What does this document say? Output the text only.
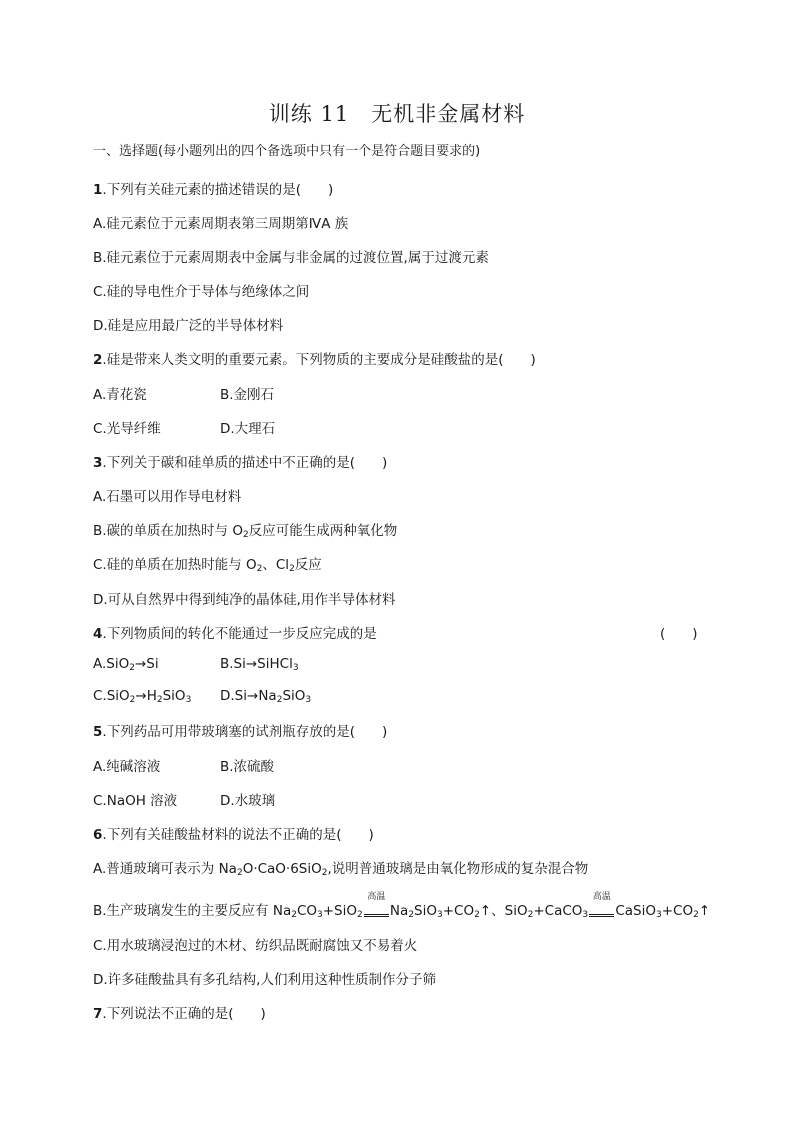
训练 11　无机非金属材料
一、选择题(每小题列出的四个备选项中只有一个是符合题目要求的)
1.下列有关硅元素的描述错误的是(　　)
A.硅元素位于元素周期表第三周期第ⅣA 族
B.硅元素位于元素周期表中金属与非金属的过渡位置,属于过渡元素
C.硅的导电性介于导体与绝缘体之间
D.硅是应用最广泛的半导体材料
2.硅是带来人类文明的重要元素。下列物质的主要成分是硅酸盐的是(　　)
A.青花瓷	B.金刚石
C.光导纤维	D.大理石
3.下列关于碳和硅单质的描述中不正确的是(　　)
A.石墨可以用作导电材料
B.碳的单质在加热时与 $O_2$反应可能生成两种氧化物
C.硅的单质在加热时能与 $O_2$、$Cl_2$反应
D.可从自然界中得到纯净的晶体硅,用作半导体材料
4.下列物质间的转化不能通过一步反应完成的是	(　　)
A.SiO$_2$→Si	B.Si→SiHCl$_3$
$C.SiO_2\to H_2SiO_3$ $D.Si\to Na_2SiO_3$
5.下列药品可用带玻璃塞的试剂瓶存放的是(　　)
A.纯碱溶液	B.浓硫酸
C.NaOH 溶液	D.水玻璃
6.下列有关硅酸盐材料的说法不正确的是(　　)
A.普通玻璃可表示为 $Na_2O\cdot CaO\cdot 6SiO_2$,说明普通玻璃是由氧化物形成的复杂混合物
B.生产玻璃发生的主要反应有 $Na_2CO_3+SiO_2$
高温
$Na_2SiO_3+CO_2↑$、SiO$_2$+CaCO$_3$
高温
$CaSiO_3+CO_2↑$
C.用水玻璃浸泡过的木材、纺织品既耐腐蚀又不易着火
D.许多硅酸盐具有多孔结构,人们利用这种性质制作分子筛
7.下列说法不正确的是(　　)
